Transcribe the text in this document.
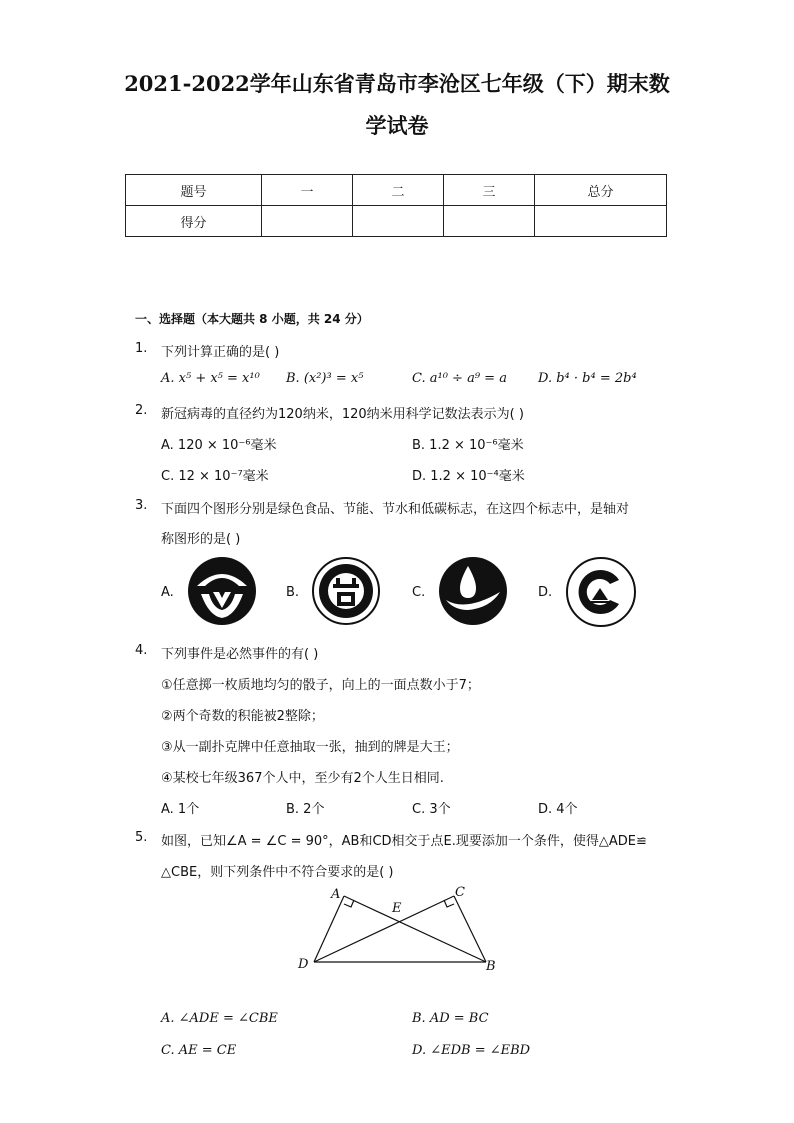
2021-2022学年山东省青岛市李沧区七年级（下）期末数
学试卷
题号	一	二	三	总分
得分				
一、选择题（本大题共 8 小题，共 24 分）
1. 下列计算正确的是( )
A. x⁵ + x⁵ = x¹⁰ B. (x²)³ = x⁵	C. a¹⁰ ÷ a⁹ = a D. b⁴ · b⁴ = 2b⁴
2. 新冠病毒的直径约为120纳米，120纳米用科学记数法表示为( )
A. 120 × 10⁻⁶毫米	B. 1.2 × 10⁻⁶毫米
C. 12 × 10⁻⁷毫米	D. 1.2 × 10⁻⁴毫米
3. 下面四个图形分别是绿色食品、节能、节水和低碳标志，在这四个标志中，是轴对
称图形的是( )
A.	B.	C.	D.
4. 下列事件是必然事件的有( )
①任意掷一枚质地均匀的骰子，向上的一面点数小于7；
②两个奇数的积能被2整除；
③从一副扑克牌中任意抽取一张，抽到的牌是大王；
④某校七年级367个人中，至少有2个人生日相同.
A. 1个	B. 2个	C. 3个	D. 4个
5. 如图，已知∠A = ∠C = 90°，AB和CD相交于点E.现要添加一个条件，使得△ADE≌
△CBE，则下列条件中不符合要求的是( )
A	C
E
D	B
A. ∠ADE = ∠CBE	B. AD = BC
C. AE = CE	D. ∠EDB = ∠EBD
